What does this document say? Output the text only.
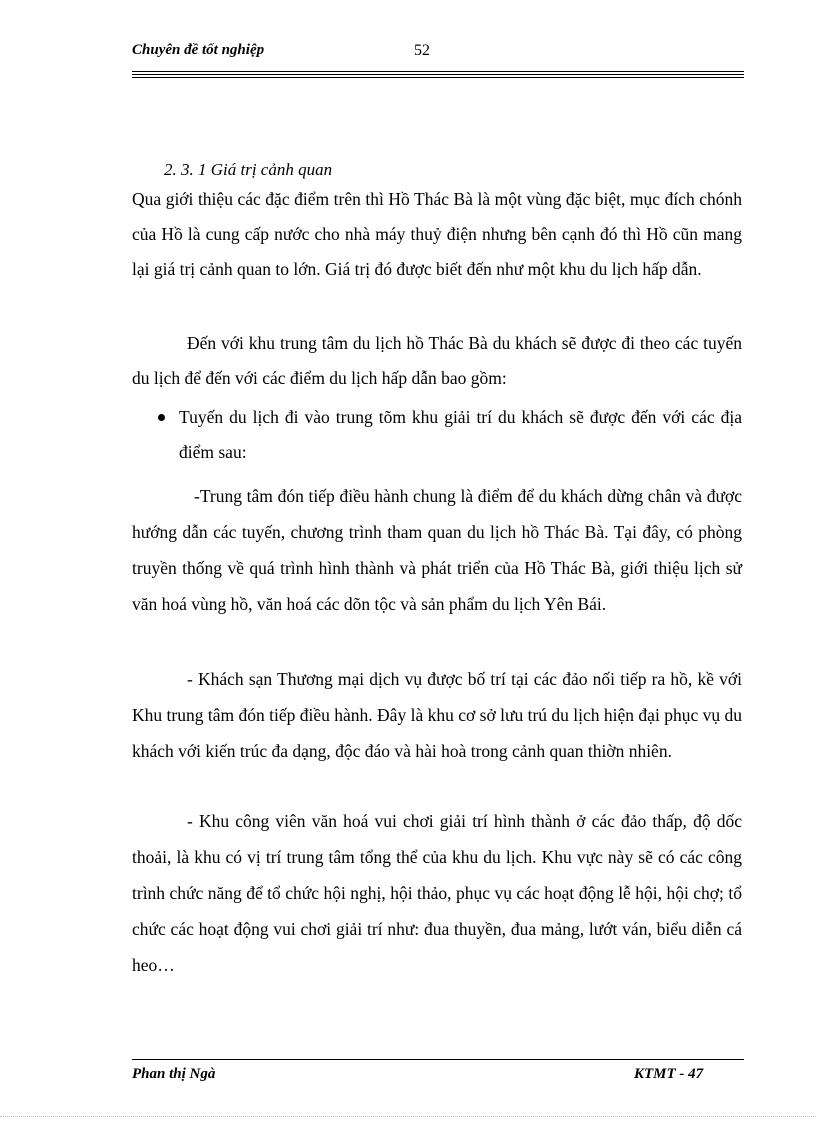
Chuyên đề tốt nghiệp	52
2. 3. 1 Giá trị cảnh quan

Qua giới thiệu các đặc điểm trên thì Hồ Thác Bà là một vùng đặc biệt, mục đích chónh của Hồ là cung cấp nước cho nhà máy thuỷ điện nhưng bên cạnh đó thì Hồ cũn mang lại giá trị cảnh quan to lớn. Giá trị đó được biết đến như một khu du lịch hấp dẫn.

Đến với khu trung tâm du lịch hồ Thác Bà du khách sẽ được đi theo các tuyến du lịch để đến với các điểm du lịch hấp dẫn bao gồm:

Tuyến du lịch đi vào trung tõm khu giải trí du khách sẽ được đến với các địa điểm sau:

-Trung tâm đón tiếp điều hành chung là điểm để du khách dừng chân và được hướng dẫn các tuyến, chương trình tham quan du lịch hồ Thác Bà. Tại đây, có phòng truyền thống về quá trình hình thành và phát triển của Hồ Thác Bà, giới thiệu lịch sử văn hoá vùng hồ, văn hoá các dõn tộc và sản phẩm du lịch Yên Bái.

- Khách sạn Thương mại dịch vụ được bố trí tại các đảo nối tiếp ra hồ, kề với Khu trung tâm đón tiếp điều hành. Đây là khu cơ sở lưu trú du lịch hiện đại phục vụ du khách với kiến trúc đa dạng, độc đáo và hài hoà trong cảnh quan thiờn nhiên.

- Khu công viên văn hoá vui chơi giải trí hình thành ở các đảo thấp, độ dốc thoải, là khu có vị trí trung tâm tổng thể của khu du lịch. Khu vực này sẽ có các công trình chức năng để tổ chức hội nghị, hội thảo, phục vụ các hoạt động lễ hội, hội chợ; tổ chức các hoạt động vui chơi giải trí như: đua thuyền, đua mảng, lướt ván, biểu diễn cá heo…

Phan thị Ngà	KTMT - 47
